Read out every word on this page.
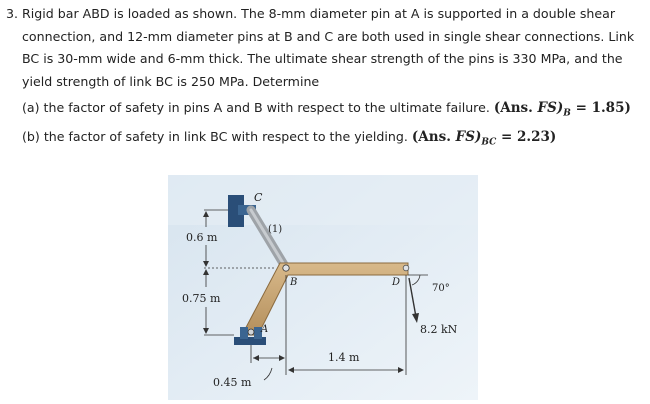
3. Rigid bar ABD is loaded as shown. The 8-mm diameter pin at A is supported in a double shear

connection, and 12-mm diameter pins at B and C are both used in single shear connections. Link

BC is 30-mm wide and 6-mm thick. The ultimate shear strength of the pins is 330 MPa, and the

yield strength of link BC is 250 MPa. Determine

(a) the factor of safety in pins A and B with respect to the ultimate failure. (Ans. $FS)_B = 1.85$)
(b) the factor of safety in link BC with respect to the yielding. (Ans. $FS)_{BC} = 2.23$)
C
(1)
B	D
A
0.6 m
0.75 m
1.4 m
0.45 m
70°
8.2 kN
